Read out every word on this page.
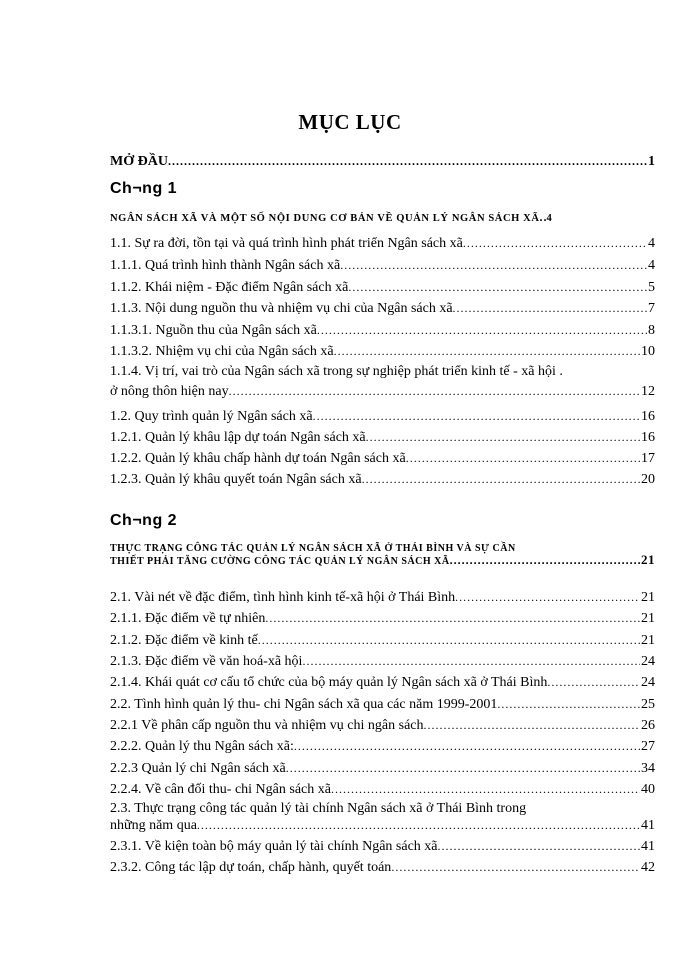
MỤC LỤC
MỞ ĐẦU . . .	1
Ch¬ng 1
NGÂN SÁCH XÃ VÀ MỘT SỐ NỘI DUNG CƠ BẢN VỀ QUẢN LÝ NGÂN SÁCH XÃ . . . 4
1.1. Sự ra đời, tồn tại và quá trình hình phát triển Ngân sách xã . . .	4
1.1.1. Quá trình hình thành Ngân sách xã . . .	4
1.1.2. Khái niệm - Đặc điểm Ngân sách xã . . .	5
1.1.3. Nội dung nguồn thu và nhiệm vụ chi của Ngân sách xã . . .	7
1.1.3.1. Nguồn thu của Ngân sách xã . . .	8
1.1.3.2. Nhiệm vụ chi của Ngân sách xã . . .	10
1.1.4. Vị trí, vai trò của Ngân sách xã trong sự nghiệp phát triển kinh tế - xã hội .
ở nông thôn hiện nay . . .	12
1.2. Quy trình quản lý Ngân sách xã . . .	16
1.2.1. Quản lý khâu lập dự toán Ngân sách xã . . .	16
1.2.2. Quản lý khâu chấp hành dự toán Ngân sách xã . . .	17
1.2.3. Quản lý khâu quyết toán Ngân sách xã . . .	20
Ch¬ng 2
THỰC TRẠNG CÔNG TÁC QUẢN LÝ NGÂN SÁCH XÃ Ở THÁI BÌNH VÀ SỰ CẦN
THIẾT PHẢI TĂNG CƯỜNG CÔNG TÁC QUẢN LÝ NGÂN SÁCH XÃ . . .	21
2.1. Vài nét về đặc điểm, tình hình kinh tế-xã hội ở Thái Bình . . .	21
2.1.1. Đặc điểm về tự nhiên . . .	21
2.1.2. Đặc điểm về kinh tế . . .	21
2.1.3. Đặc điểm về văn hoá-xã hội . . .	24
2.1.4. Khái quát cơ cấu tổ chức của bộ máy quản lý Ngân sách xã ở Thái Bình . . .	24
2.2. Tình hình quản lý thu- chi Ngân sách xã qua các năm 1999-2001 . . .	25
2.2.1 Về phân cấp nguồn thu và nhiệm vụ chi ngân sách . . .	26
2.2.2. Quản lý thu Ngân sách xã: . . .	27
2.2.3 Quản lý chi Ngân sách xã . . .	34
2.2.4. Về cân đối thu- chi Ngân sách xã . . .	40
2.3. Thực trạng công tác quản lý tài chính Ngân sách xã ở Thái Bình trong
những năm qua . . .	41
2.3.1. Về kiện toàn bộ máy quản lý tài chính Ngân sách xã . . .	41
2.3.2. Công tác lập dự toán, chấp hành, quyết toán . . .	42
